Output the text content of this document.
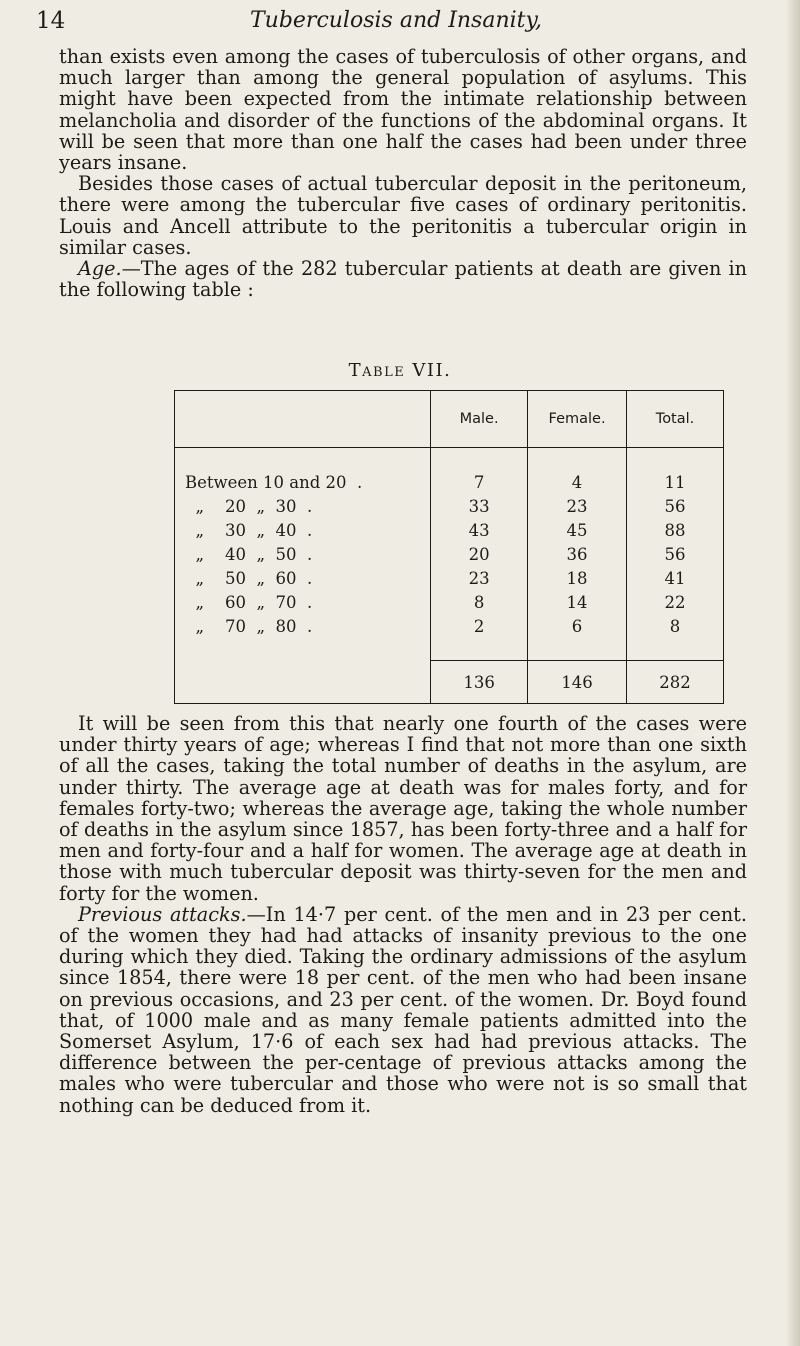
14	Tuberculosis and Insanity,

than exists even among the cases of tuberculosis of other organs, and much larger than among the general population of asylums. This might have been expected from the intimate relationship between melancholia and disorder of the functions of the abdominal organs. It will be seen that more than one half the cases had been under three years insane.

Besides those cases of actual tubercular deposit in the peritoneum, there were among the tubercular five cases of ordinary peritonitis. Louis and Ancell attribute to the peritonitis a tubercular origin in similar cases.

Age.—The ages of the 282 tubercular patients at death are given in the following table :

Table VII.
	Male.	Female.	Total.

Between 10 and 20  .	7	4	11
„    20  „  30  .	33	23	56
„    30  „  40  .	43	45	88
„    40  „  50  .	20	36	56
„    50  „  60  .	23	18	41
„    60  „  70  .	8	14	22
„    70  „  80  .	2	6	8

	136	146	282

It will be seen from this that nearly one fourth of the cases were under thirty years of age; whereas I find that not more than one sixth of all the cases, taking the total number of deaths in the asylum, are under thirty. The average age at death was for males forty, and for females forty-two; whereas the average age, taking the whole number of deaths in the asylum since 1857, has been forty-three and a half for men and forty-four and a half for women. The average age at death in those with much tubercular deposit was thirty-seven for the men and forty for the women.

Previous attacks.—In 14·7 per cent. of the men and in 23 per cent. of the women they had had attacks of insanity previous to the one during which they died. Taking the ordinary admissions of the asylum since 1854, there were 18 per cent. of the men who had been insane on previous occasions, and 23 per cent. of the women. Dr. Boyd found that, of 1000 male and as many female patients admitted into the Somerset Asylum, 17·6 of each sex had had previous attacks. The difference between the per-centage of previous attacks among the males who were tubercular and those who were not is so small that nothing can be deduced from it.
